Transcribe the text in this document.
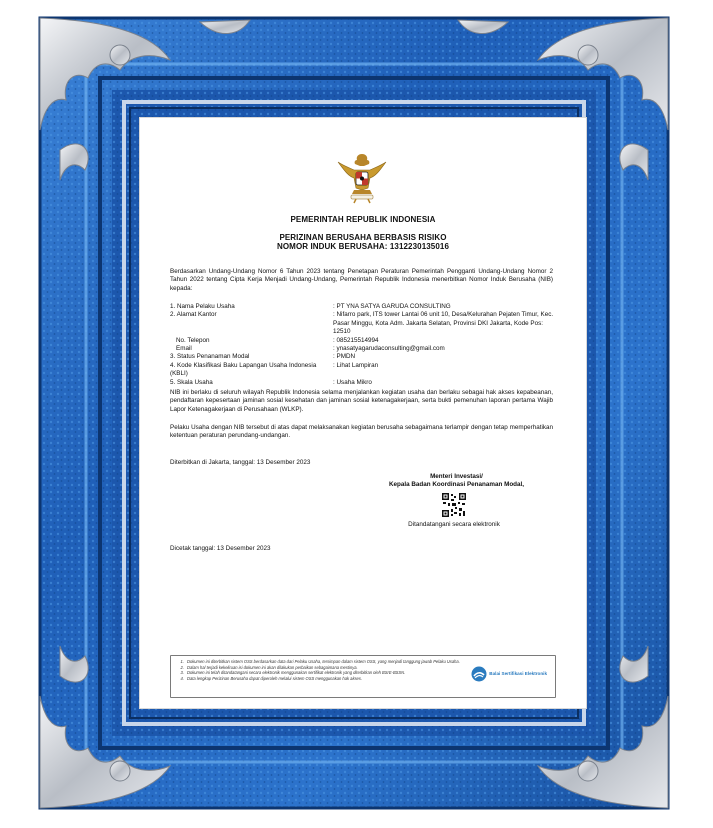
PEMERINTAH REPUBLIK INDONESIA
PERIZINAN BERUSAHA BERBASIS RISIKO
NOMOR INDUK BERUSAHA: 1312230135016
Berdasarkan Undang-Undang Nomor 6 Tahun 2023 tentang Penetapan Peraturan Pemerintah Pengganti Undang-Undang Nomor 2 Tahun 2022 tentang Cipta Kerja Menjadi Undang-Undang, Pemerintah Republik Indonesia menerbitkan Nomor Induk Berusaha (NIB) kepada:
1. Nama Pelaku Usaha	: PT YNA SATYA GARUDA CONSULTING
2. Alamat Kantor	: Nifarro park, ITS tower Lantai 06 unit 10, Desa/Kelurahan Pejaten Timur, Kec. Pasar Minggu, Kota Adm. Jakarta Selatan, Provinsi DKI Jakarta, Kode Pos: 12510
No. Telepon	: 085215514994
Email	: ynasatyagarudaconsulting@gmail.com
3. Status Penanaman Modal	: PMDN
4. Kode Klasifikasi Baku Lapangan Usaha Indonesia (KBLI)
: Lihat Lampiran
5. Skala Usaha	: Usaha Mikro
NIB ini berlaku di seluruh wilayah Republik Indonesia selama menjalankan kegiatan usaha dan berlaku sebagai hak akses kepabeanan, pendaftaran kepesertaan jaminan sosial kesehatan dan jaminan sosial ketenagakerjaan, serta bukti pemenuhan laporan pertama Wajib Lapor Ketenagakerjaan di Perusahaan (WLKP).
Pelaku Usaha dengan NIB tersebut di atas dapat melaksanakan kegiatan berusaha sebagaimana terlampir dengan tetap memperhatikan ketentuan peraturan perundang-undangan.
Diterbitkan di Jakarta, tanggal: 13 Desember 2023
Menteri Investasi/
Kepala Badan Koordinasi Penanaman Modal,
Ditandatangani secara elektronik
Dicetak tanggal: 13 Desember 2023
1. Dokumen ini diterbitkan sistem OSS berdasarkan data dari Pelaku Usaha, tersimpan dalam sistem OSS, yang menjadi tanggung jawab Pelaku Usaha.
2. Dalam hal terjadi kekeliruan isi dokumen ini akan dilakukan perbaikan sebagaimana mestinya.
3. Dokumen ini telah ditandatangani secara elektronik menggunakan sertifikat elektronik yang diterbitkan oleh BSrE-BSSN.
4. Data lengkap Perizinan Berusaha dapat diperoleh melalui sistem OSS menggunakan hak akses.
Balai Sertifikasi Elektronik
